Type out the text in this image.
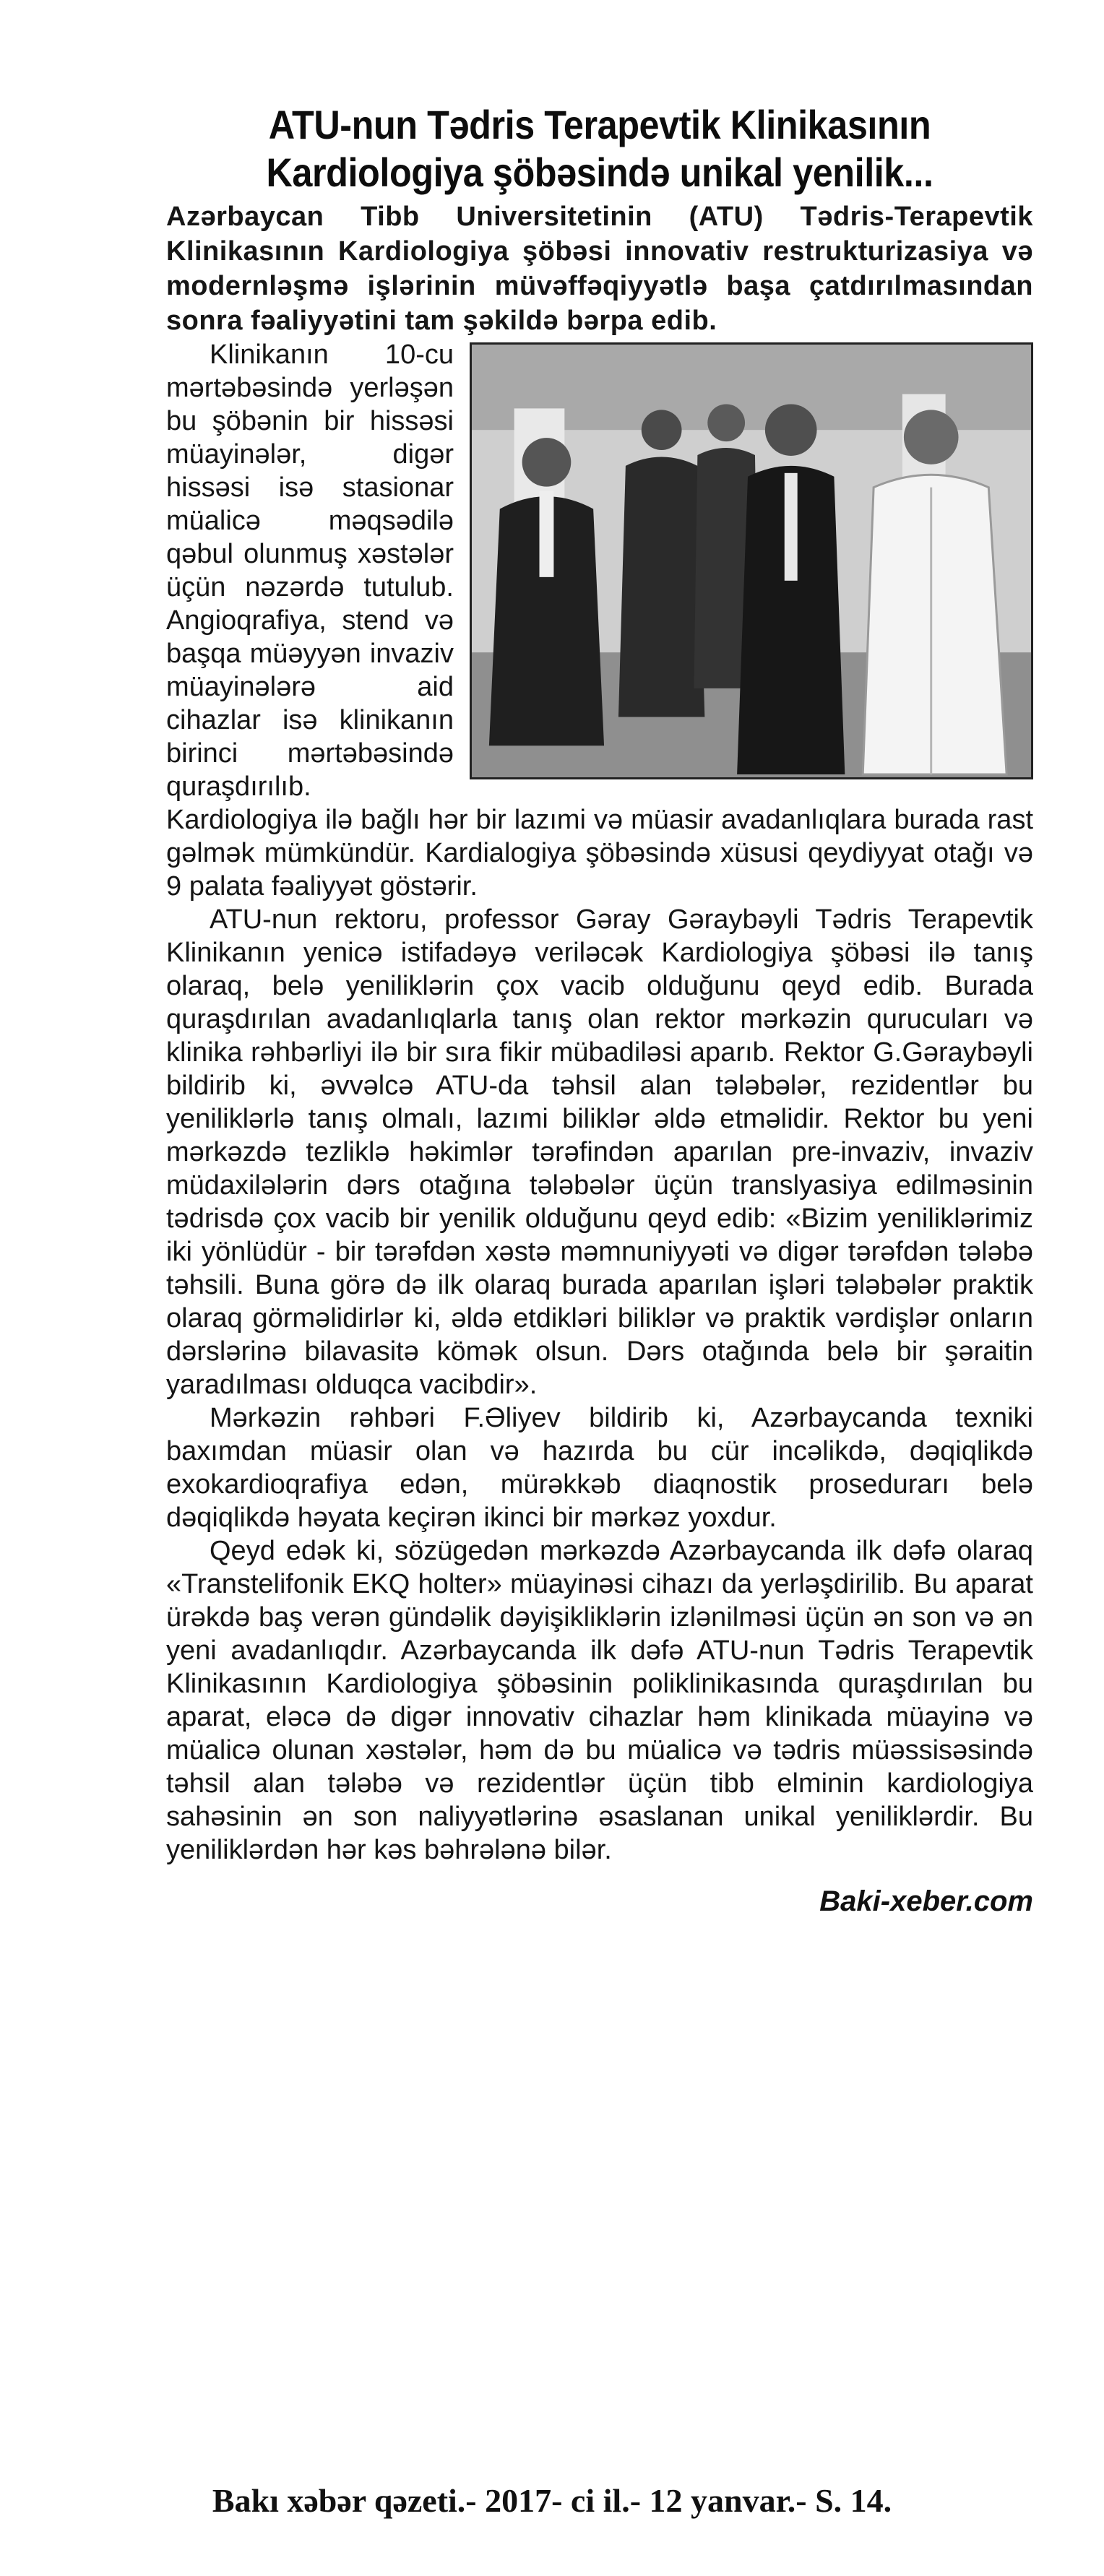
ATU-nun Tədris Terapevtik Klinikasının
Kardiologiya şöbəsində unikal yenilik...

Azərbaycan Tibb Universitetinin (ATU) Tədris-Terapevtik Klinikasının Kardiologiya şöbəsi innovativ restrukturizasiya və modernləşmə işlərinin müvəffəqiyyətlə başa çatdırılmasından sonra fəaliyyətini tam şəkildə bərpa edib.

Klinikanın 10-cu mərtəbəsində yerləşən bu şöbənin bir hissəsi müayinələr, digər hissəsi isə stasionar müalicə məqsədilə qəbul olunmuş xəstələr üçün nəzərdə tutulub. Angioqrafiya, stend və başqa müəyyən invaziv müayinələrə aid cihazlar isə klinikanın birinci mərtəbəsində quraşdırılıb. Kardiologiya ilə bağlı hər bir lazımi və müasir avadanlıqlara burada rast gəlmək mümkündür. Kardialogiya şöbəsində xüsusi qeydiyyat otağı və 9 palata fəaliyyət göstərir.

ATU-nun rektoru, professor Gəray Gəraybəyli Tədris Terapevtik Klinikanın yenicə istifadəyə veriləcək Kardiologiya şöbəsi ilə tanış olaraq, belə yeniliklərin çox vacib olduğunu qeyd edib. Burada quraşdırılan avadanlıqlarla tanış olan rektor mərkəzin qurucuları və klinika rəhbərliyi ilə bir sıra fikir mübadiləsi aparıb. Rektor G.Gəraybəyli bildirib ki, əvvəlcə ATU-da təhsil alan tələbələr, rezidentlər bu yeniliklərlə tanış olmalı, lazımi biliklər əldə etməlidir. Rektor bu yeni mərkəzdə tezliklə həkimlər tərəfindən aparılan pre-invaziv, invaziv müdaxilələrin dərs otağına tələbələr üçün translyasiya edilməsinin tədrisdə çox vacib bir yenilik olduğunu qeyd edib: «Bizim yeniliklərimiz iki yönlüdür - bir tərəfdən xəstə məmnuniyyəti və digər tərəfdən tələbə təhsili. Buna görə də ilk olaraq burada aparılan işləri tələbələr praktik olaraq görməlidirlər ki, əldə etdikləri biliklər və praktik vərdişlər onların dərslərinə bilavasitə kömək olsun. Dərs otağında belə bir şəraitin yaradılması olduqca vacibdir».

Mərkəzin rəhbəri F.Əliyev bildirib ki, Azərbaycanda texniki baxımdan müasir olan və hazırda bu cür incəlikdə, dəqiqlikdə exokardioqrafiya edən, mürəkkəb diaqnostik prosedurarı belə dəqiqlikdə həyata keçirən ikinci bir mərkəz yoxdur.

Qeyd edək ki, sözügedən mərkəzdə Azərbaycanda ilk dəfə olaraq «Transtelifonik EKQ holter» müayinəsi cihazı da yerləşdirilib. Bu aparat ürəkdə baş verən gündəlik dəyişikliklərin izlənilməsi üçün ən son və ən yeni avadanlıqdır. Azərbaycanda ilk dəfə ATU-nun Tədris Terapevtik Klinikasının Kardiologiya şöbəsinin poliklinikasında quraşdırılan bu aparat, eləcə də digər innovativ cihazlar həm klinikada müayinə və müalicə olunan xəstələr, həm də bu müalicə və tədris müəssisəsində təhsil alan tələbə və rezidentlər üçün tibb elminin kardiologiya sahəsinin ən son naliyyətlərinə əsaslanan unikal yeniliklərdir. Bu yeniliklərdən hər kəs bəhrələnə bilər.

Baki-xeber.com
Bakı xəbər qəzeti.- 2017- ci il.- 12 yanvar.- S. 14.
